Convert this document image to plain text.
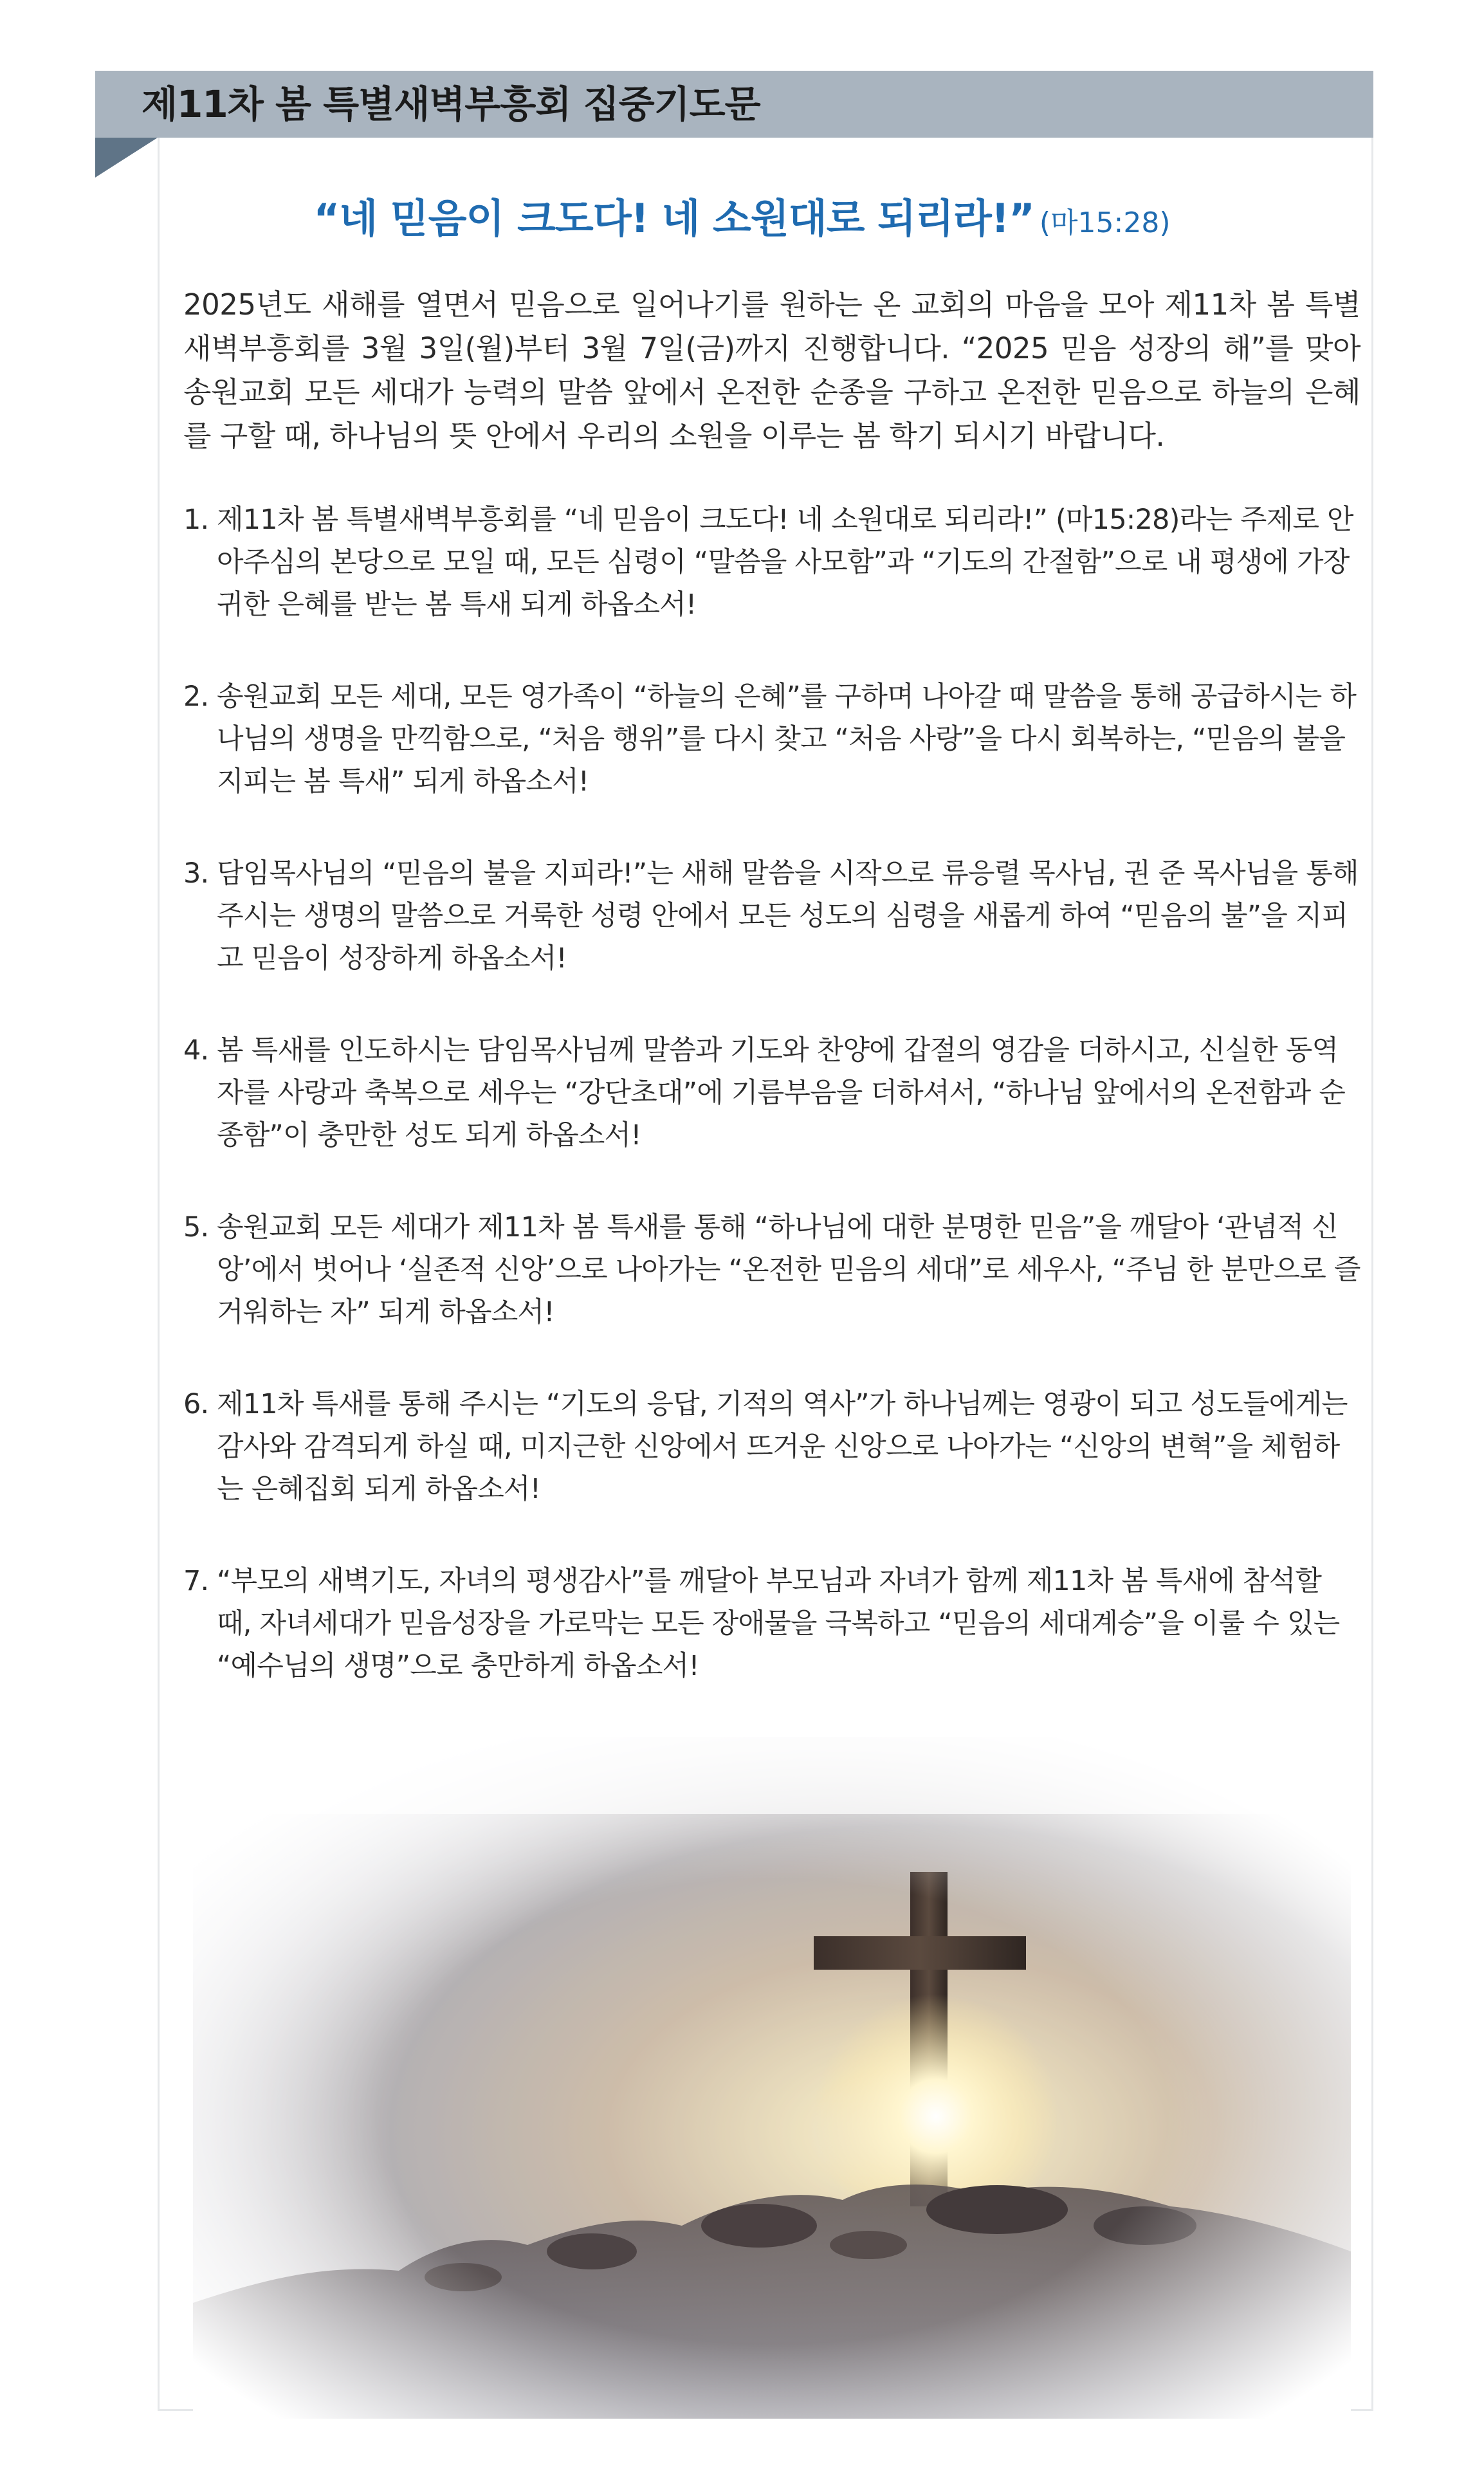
제11차 봄 특별새벽부흥회 집중기도문
“네 믿음이 크도다! 네 소원대로 되리라!” (마15:28)

2025년도 새해를 열면서 믿음으로 일어나기를 원하는 온 교회의 마음을 모아 제11차 봄 특별새벽부흥회를 3월 3일(월)부터 3월 7일(금)까지 진행합니다. “2025 믿음 성장의 해”를 맞아 송원교회 모든 세대가 능력의 말씀 앞에서 온전한 순종을 구하고 온전한 믿음으로 하늘의 은혜를 구할 때, 하나님의 뜻 안에서 우리의 소원을 이루는 봄 학기 되시기 바랍니다.

1. 제11차 봄 특별새벽부흥회를 “네 믿음이 크도다! 네 소원대로 되리라!” (마15:28)라는 주제로 안아주심의 본당으로 모일 때, 모든 심령이 “말씀을 사모함”과 “기도의 간절함”으로 내 평생에 가장 귀한 은혜를 받는 봄 특새 되게 하옵소서!
2. 송원교회 모든 세대, 모든 영가족이 “하늘의 은혜”를 구하며 나아갈 때 말씀을 통해 공급하시는 하나님의 생명을 만끽함으로, “처음 행위”를 다시 찾고 “처음 사랑”을 다시 회복하는, “믿음의 불을 지피는 봄 특새” 되게 하옵소서!
3. 담임목사님의 “믿음의 불을 지피라!”는 새해 말씀을 시작으로 류응렬 목사님, 권 준 목사님을 통해 주시는 생명의 말씀으로 거룩한 성령 안에서 모든 성도의 심령을 새롭게 하여 “믿음의 불”을 지피고 믿음이 성장하게 하옵소서!
4. 봄 특새를 인도하시는 담임목사님께 말씀과 기도와 찬양에 갑절의 영감을 더하시고, 신실한 동역자를 사랑과 축복으로 세우는 “강단초대”에 기름부음을 더하셔서, “하나님 앞에서의 온전함과 순종함”이 충만한 성도 되게 하옵소서!
5. 송원교회 모든 세대가 제11차 봄 특새를 통해 “하나님에 대한 분명한 믿음”을 깨달아 ‘관념적 신앙’에서 벗어나 ‘실존적 신앙’으로 나아가는 “온전한 믿음의 세대”로 세우사, “주님 한 분만으로 즐거워하는 자” 되게 하옵소서!
6. 제11차 특새를 통해 주시는 “기도의 응답, 기적의 역사”가 하나님께는 영광이 되고 성도들에게는 감사와 감격되게 하실 때, 미지근한 신앙에서 뜨거운 신앙으로 나아가는 “신앙의 변혁”을 체험하는 은혜집회 되게 하옵소서!
7. “부모의 새벽기도, 자녀의 평생감사”를 깨달아 부모님과 자녀가 함께 제11차 봄 특새에 참석할 때, 자녀세대가 믿음성장을 가로막는 모든 장애물을 극복하고 “믿음의 세대계승”을 이룰 수 있는 “예수님의 생명”으로 충만하게 하옵소서!
